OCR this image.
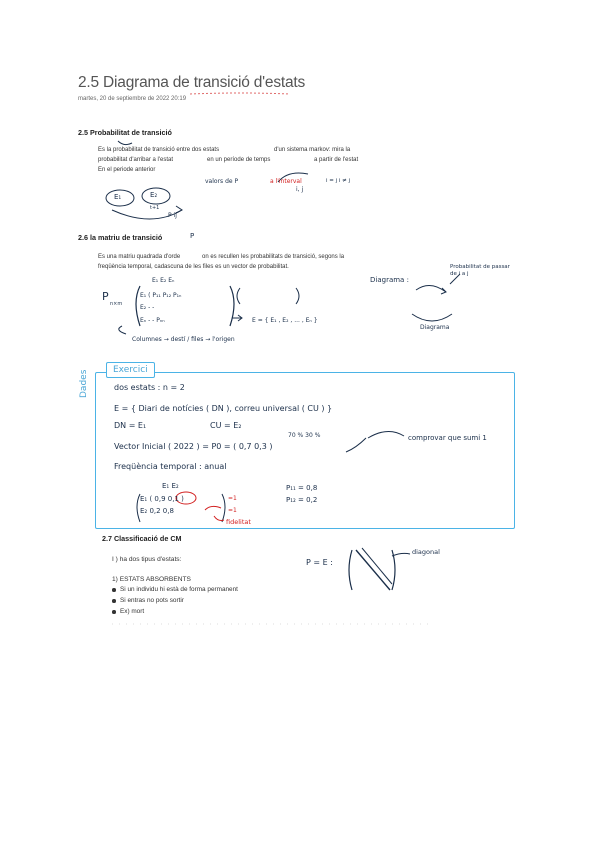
2.5 Diagrama de transició d'estats
martes, 20 de septiembre de 2022 20:19
2.5 Probabilitat de transició
Es la probabilitat de transició entre dos estats	d'un sistema markov: mira la
probabilitat d'arribar a l'estat	en un període de temps	a partir de l'estat
En el periode anterior
valors de P	a l'interval
i, j
i = j i ≠ j
E₁	E₂
t+1
P ij
2.6 la matriu de transició	P
Es una matriu quadrada d'orde	on es recullen les probabilitats de transició, segons la
freqüència temporal, cadascuna de les files es un vector de probabilitat.
P
n×m
E₁ E₂ Eₙ
E₁ ( P₁₁ P₁₂ P₁ₙ
E₂ - -
Eₙ - - Pₙₙ	E = { E₁ , E₂ , ... , Eₙ }
Columnes → destí / files → l'origen
Diagrama :
Probabilitat de passar de i a j
Diagrama
Exercici
Dades	dos estats : n = 2
E = { Diari de notícies ( DN ), correu universal ( CU ) }
DN = E₁	CU = E₂
70 % 30 %
Vector Inicial ( 2022 ) = P0 = ( 0,7 0,3 )
comprovar que sumi 1
Freqüència temporal : anual
E₁ E₂
E₁ ( 0,9 0,1 )
E₂ 0,2 0,8
=1
=1
P₁₁ = 0,8
P₁₂ = 0,2
fidelitat
2.7 Classificació de CM
I ) ha dos tipus d'estats:
1) ESTATS ABSORBENTS
Si un individu hi està de forma permanent
Si entras no pots sortir
Ex) mort
P = E :
diagonal
